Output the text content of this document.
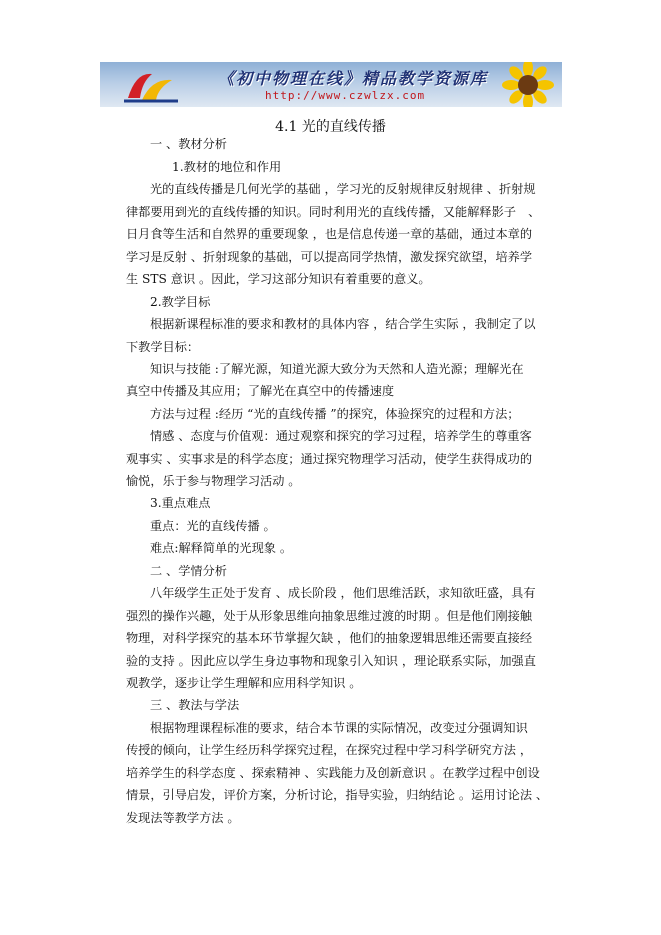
《初中物理在线》精品教学资源库
http://www.czwlzx.com
4.1 光的直线传播
一 、教材分析
1.教材的地位和作用
光的直线传播是几何光学的基础 ，学习光的反射规律反射规律 、折射规
律都要用到光的直线传播的知识。同时利用光的直线传播，又能解释影子　、
日月食等生活和自然界的重要现象 ，也是信息传递一章的基础，通过本章的
学习是反射 、折射现象的基础，可以提高同学热情，激发探究欲望，培养学
生 STS 意识 。因此，学习这部分知识有着重要的意义。
2.教学目标
根据新课程标准的要求和教材的具体内容 ，结合学生实际 ，我制定了以
下教学目标：
知识与技能 :了解光源，知道光源大致分为天然和人造光源；理解光在
真空中传播及其应用；了解光在真空中的传播速度
方法与过程 :经历 “光的直线传播 ”的探究，体验探究的过程和方法；
情感 、态度与价值观：通过观察和探究的学习过程，培养学生的尊重客
观事实 、实事求是的科学态度；通过探究物理学习活动，使学生获得成功的
愉悦，乐于参与物理学习活动 。
3.重点难点
重点：光的直线传播 。
难点:解释简单的光现象 。
二 、学情分析
八年级学生正处于发育 、成长阶段 ，他们思维活跃，求知欲旺盛，具有
强烈的操作兴趣，处于从形象思维向抽象思维过渡的时期 。但是他们刚接触
物理，对科学探究的基本环节掌握欠缺 ，他们的抽象逻辑思维还需要直接经
验的支持 。因此应以学生身边事物和现象引入知识 ，理论联系实际，加强直
观教学，逐步让学生理解和应用科学知识 。
三 、教法与学法
根据物理课程标准的要求，结合本节课的实际情况，改变过分强调知识
传授的倾向，让学生经历科学探究过程，在探究过程中学习科学研究方法 ，
培养学生的科学态度 、探索精神 、实践能力及创新意识 。在教学过程中创设
情景，引导启发，评价方案，分析讨论，指导实验，归纳结论 。运用讨论法 、
发现法等教学方法 。
